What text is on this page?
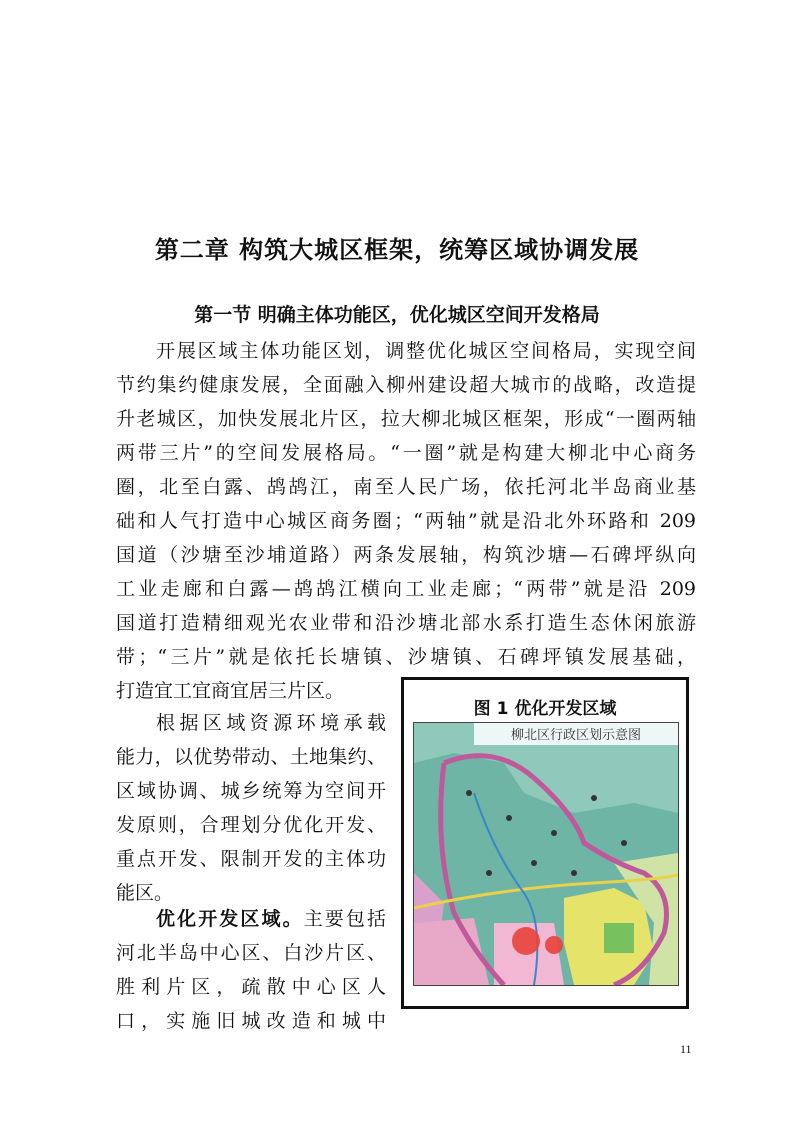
第二章 构筑大城区框架，统筹区域协调发展
第一节 明确主体功能区，优化城区空间开发格局
开展区域主体功能区划，调整优化城区空间格局，实现空间
节约集约健康发展，全面融入柳州建设超大城市的战略，改造提
升老城区，加快发展北片区，拉大柳北城区框架，形成“一圈两轴
两带三片”的空间发展格局。“一圈”就是构建大柳北中心商务
圈，北至白露、鸪鸪江，南至人民广场，依托河北半岛商业基
础和人气打造中心城区商务圈；“两轴”就是沿北外环路和 209
国道（沙塘至沙埔道路）两条发展轴，构筑沙塘—石碑坪纵向
工业走廊和白露—鸪鸪江横向工业走廊；“两带”就是沿 209
国道打造精细观光农业带和沿沙塘北部水系打造生态休闲旅游
带；“三片”就是依托长塘镇、沙塘镇、石碑坪镇发展基础，
打造宜工宜商宜居三片区。
根据区域资源环境承载
能力，以优势带动、土地集约、
区域协调、城乡统筹为空间开
发原则，合理划分优化开发、
重点开发、限制开发的主体功
能区。
优化开发区域。主要包括
河北半岛中心区、白沙片区、
胜利片区，疏散中心区人
口，实施旧城改造和城中
图 1 优化开发区域
柳北区行政区划示意图
11
